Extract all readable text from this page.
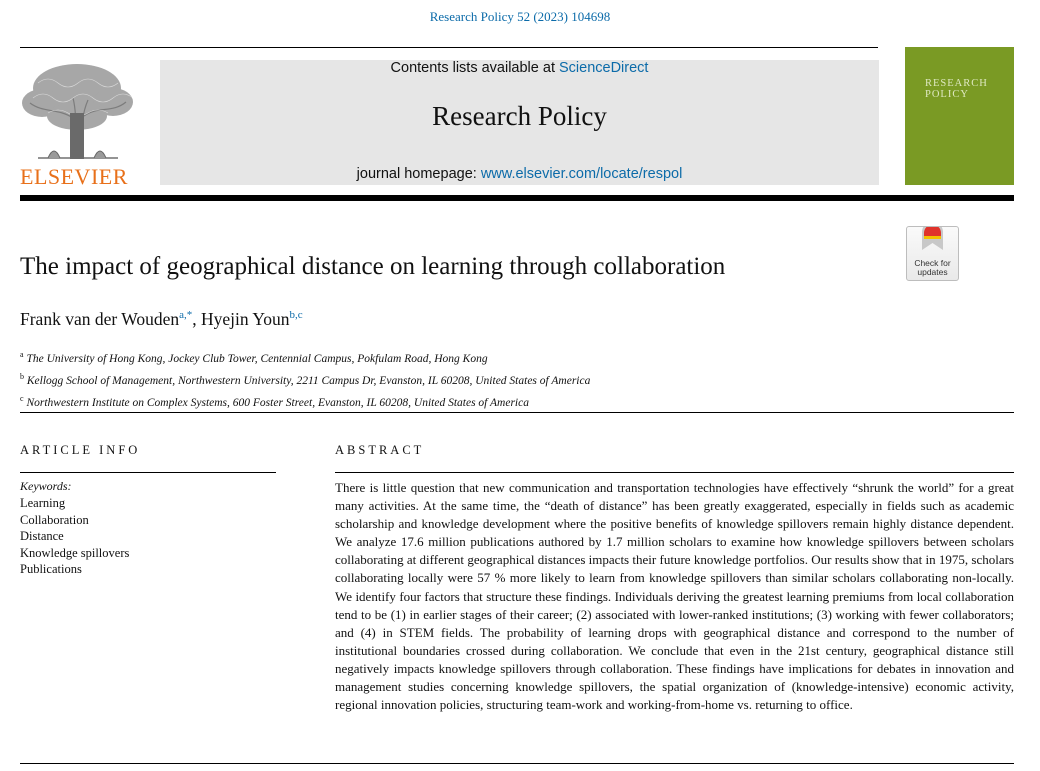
Research Policy 52 (2023) 104698
ELSEVIER
Contents lists available at ScienceDirect
Research Policy
journal homepage: www.elsevier.com/locate/respol
RESEARCH
POLICY
Check for updates
The impact of geographical distance on learning through collaboration
Frank van der Wouden$^{a,*}$, Hyejin Youn$^{b,c}$
$^a$ The University of Hong Kong, Jockey Club Tower, Centennial Campus, Pokfulam Road, Hong Kong
$^b$ Kellogg School of Management, Northwestern University, 2211 Campus Dr, Evanston, IL 60208, United States of America
$^c$ Northwestern Institute on Complex Systems, 600 Foster Street, Evanston, IL 60208, United States of America
ARTICLE INFO
Keywords:
Learning
Collaboration
Distance
Knowledge spillovers
Publications
ABSTRACT
There is little question that new communication and transportation technologies have effectively “shrunk the world” for a great many activities. At the same time, the “death of distance” has been greatly exaggerated, especially in fields such as academic scholarship and knowledge development where the positive benefits of knowledge spillovers remain highly distance dependent. We analyze 17.6 million publications authored by 1.7 million scholars to examine how knowledge spillovers between scholars collaborating at different geographical distances impacts their future knowledge portfolios. Our results show that in 1975, scholars collaborating locally were 57 % more likely to learn from knowledge spillovers than similar scholars collaborating non-locally. We identify four factors that structure these findings. Individuals deriving the greatest learning premiums from local collaboration tend to be (1) in earlier stages of their career; (2) associated with lower-ranked institutions; (3) working with fewer collaborators; and (4) in STEM fields. The probability of learning drops with geographical distance and correspond to the number of institutional boundaries crossed during collaboration. We conclude that even in the 21st century, geographical distance still negatively impacts knowledge spillovers through collaboration. These findings have implications for debates in innovation and management studies concerning knowledge spillovers, the spatial organization of (knowledge-intensive) economic activity, regional innovation policies, structuring team-work and working-from-home vs. returning to office.
